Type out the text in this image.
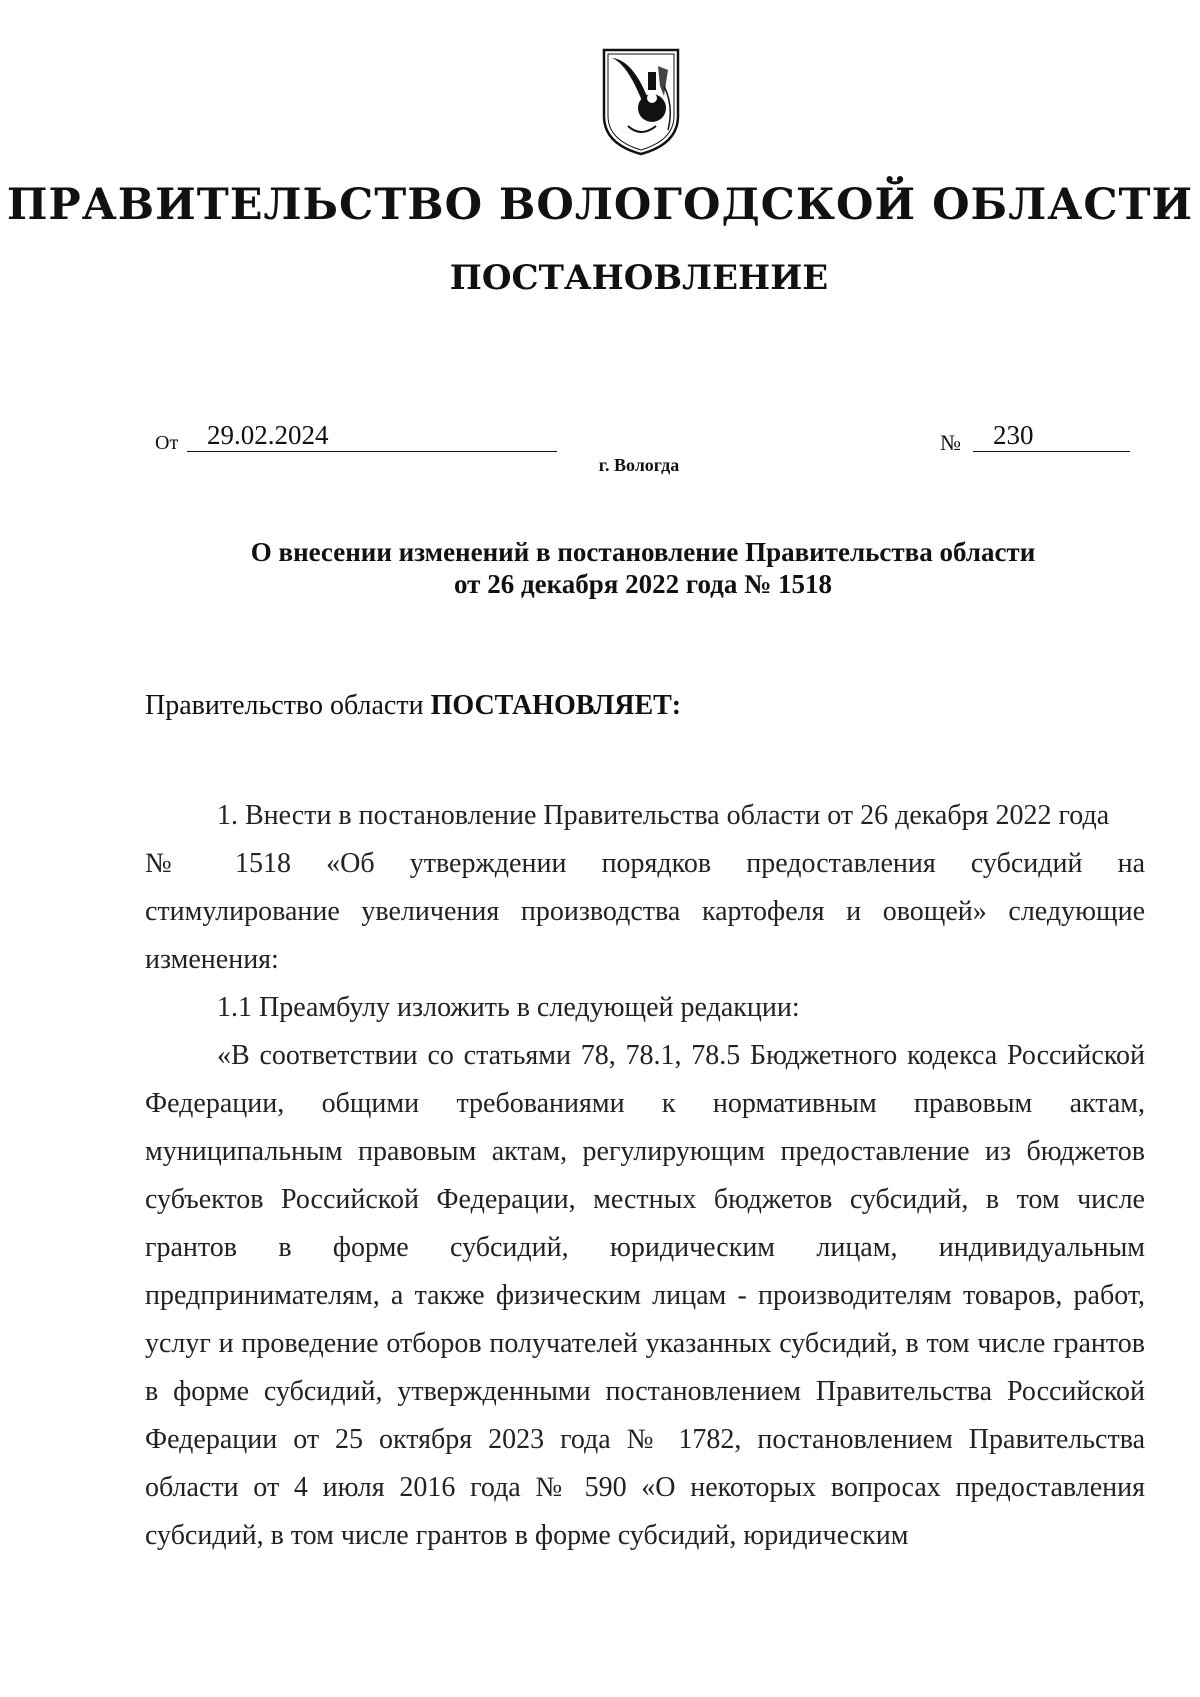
ПРАВИТЕЛЬСТВО ВОЛОГОДСКОЙ ОБЛАСТИ
ПОСТАНОВЛЕНИЕ
От	29.02.2024	№	230
г. Вологда
О внесении изменений в постановление Правительства области
от 26 декабря 2022 года № 1518
Правительство области ПОСТАНОВЛЯЕТ:

1. Внести в постановление Правительства области от 26 декабря 2022 года

№ 1518 «Об утверждении порядков предоставления субсидий на
стимулирование увеличения производства картофеля и овощей» следующие

изменения:

1.1 Преамбулу изложить в следующей редакции:

«В соответствии со статьями 78, 78.1, 78.5 Бюджетного кодекса Российской Федерации, общими требованиями к нормативным правовым актам, муниципальным правовым актам, регулирующим предоставление из бюджетов субъектов Российской Федерации, местных бюджетов субсидий, в том числе грантов в форме субсидий, юридическим лицам, индивидуальным предпринимателям, а также физическим лицам - производителям товаров, работ, услуг и проведение отборов получателей указанных субсидий, в том числе грантов в форме субсидий, утвержденными постановлением Правительства Российской Федерации от 25 октября 2023 года № 1782, постановлением Правительства области от 4 июля 2016 года № 590 «О некоторых вопросах предоставления субсидий, в том числе грантов в форме субсидий, юридическим
